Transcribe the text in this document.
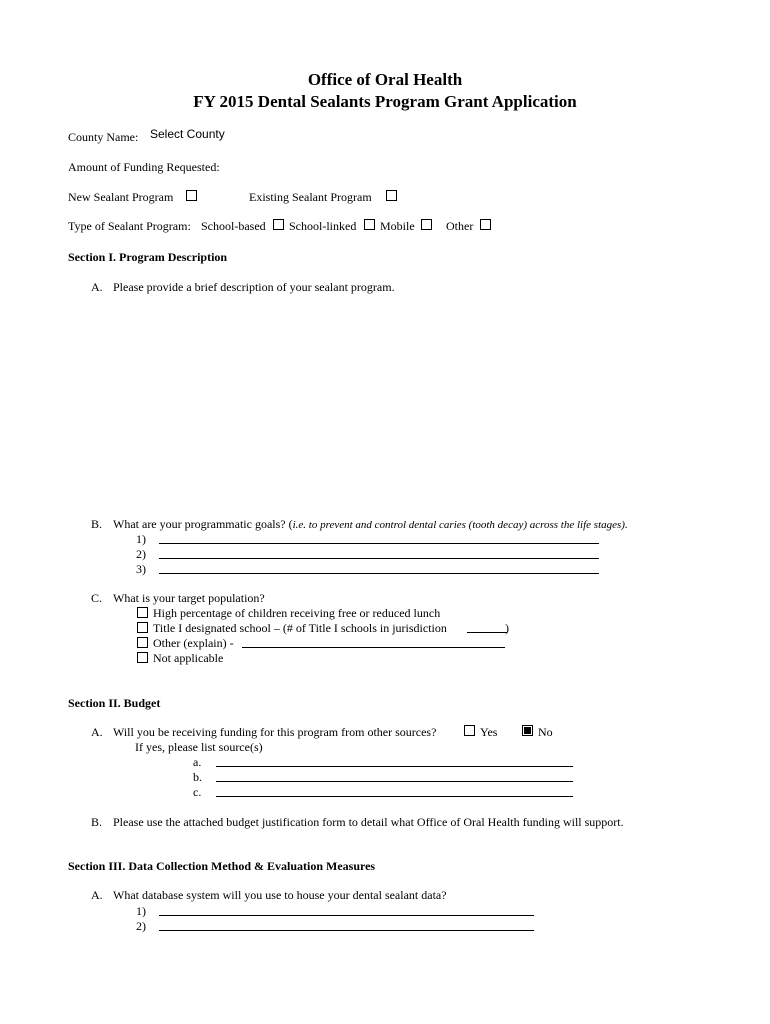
Office of Oral Health
FY 2015 Dental Sealants Program Grant Application
County Name: Select County
Amount of Funding Requested:
New Sealant Program	Existing Sealant Program
Type of Sealant Program: School-based School-linked Mobile	Other
Section I. Program Description
A. Please provide a brief description of your sealant program.
B. What are your programmatic goals? (i.e. to prevent and control dental caries (tooth decay) across the life stages).
1)
2)
3)
C. What is your target population?
High percentage of children receiving free or reduced lunch
Title I designated school – (# of Title I schools in jurisdiction	)
Other (explain) -
Not applicable
Section II. Budget
A. Will you be receiving funding for this program from other sources?	Yes	No
If yes, please list source(s)
a.
b.
c.
B. Please use the attached budget justification form to detail what Office of Oral Health funding will support.
Section III. Data Collection Method & Evaluation Measures
A. What database system will you use to house your dental sealant data?
1)
2)
